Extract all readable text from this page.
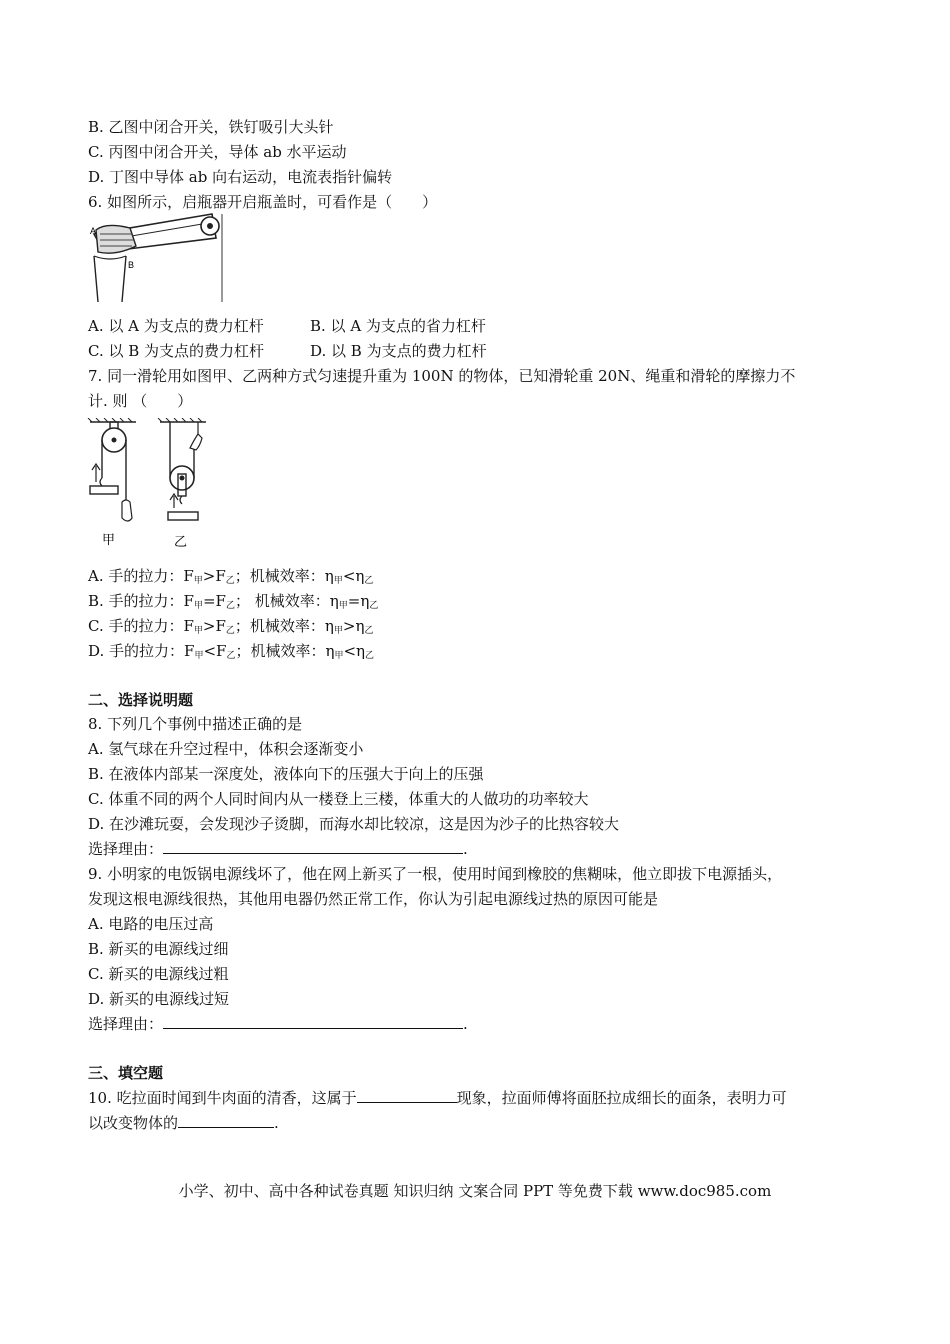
B. 乙图中闭合开关，铁钉吸引大头针
C. 丙图中闭合开关，导体 ab 水平运动
D. 丁图中导体 ab 向右运动，电流表指针偏转
6. 如图所示，启瓶器开启瓶盖时，可看作是（　　）
A
B
A. 以 A 为支点的费力杠杆	B. 以 A 为支点的省力杠杆
C. 以 B 为支点的费力杠杆	D. 以 B 为支点的费力杠杆
7. 同一滑轮用如图甲、乙两种方式匀速提升重为 100N 的物体，已知滑轮重 20N、绳重和滑轮的摩擦力不
计. 则 （　　）
甲	乙
A. 手的拉力：$F_甲>F_乙$；机械效率：$\eta_甲<\eta_乙$
B. 手的拉力：$F_甲=F_乙$； 机械效率：$\eta_甲=\eta_乙$
C. 手的拉力：$F_甲>F_乙$；机械效率：$\eta_甲>\eta_乙$
D. 手的拉力：$F_甲<F_乙$；机械效率：$\eta_甲<\eta_乙$
二、选择说明题
8. 下列几个事例中描述正确的是
A. 氢气球在升空过程中，体积会逐渐变小
B. 在液体内部某一深度处，液体向下的压强大于向上的压强
C. 体重不同的两个人同时间内从一楼登上三楼，体重大的人做功的功率较大
D. 在沙滩玩耍，会发现沙子烫脚，而海水却比较凉，这是因为沙子的比热容较大
选择理由：	.
9. 小明家的电饭锅电源线坏了，他在网上新买了一根，使用时闻到橡胶的焦糊味，他立即拔下电源插头，
发现这根电源线很热，其他用电器仍然正常工作，你认为引起电源线过热的原因可能是
A. 电路的电压过高
B. 新买的电源线过细
C. 新买的电源线过粗
D. 新买的电源线过短
选择理由：	.
三、填空题
10. 吃拉面时闻到牛肉面的清香，这属于	现象，拉面师傅将面胚拉成细长的面条，表明力可
以改变物体的	.
小学、初中、高中各种试卷真题 知识归纳 文案合同 PPT 等免费下载 www.doc985.com
